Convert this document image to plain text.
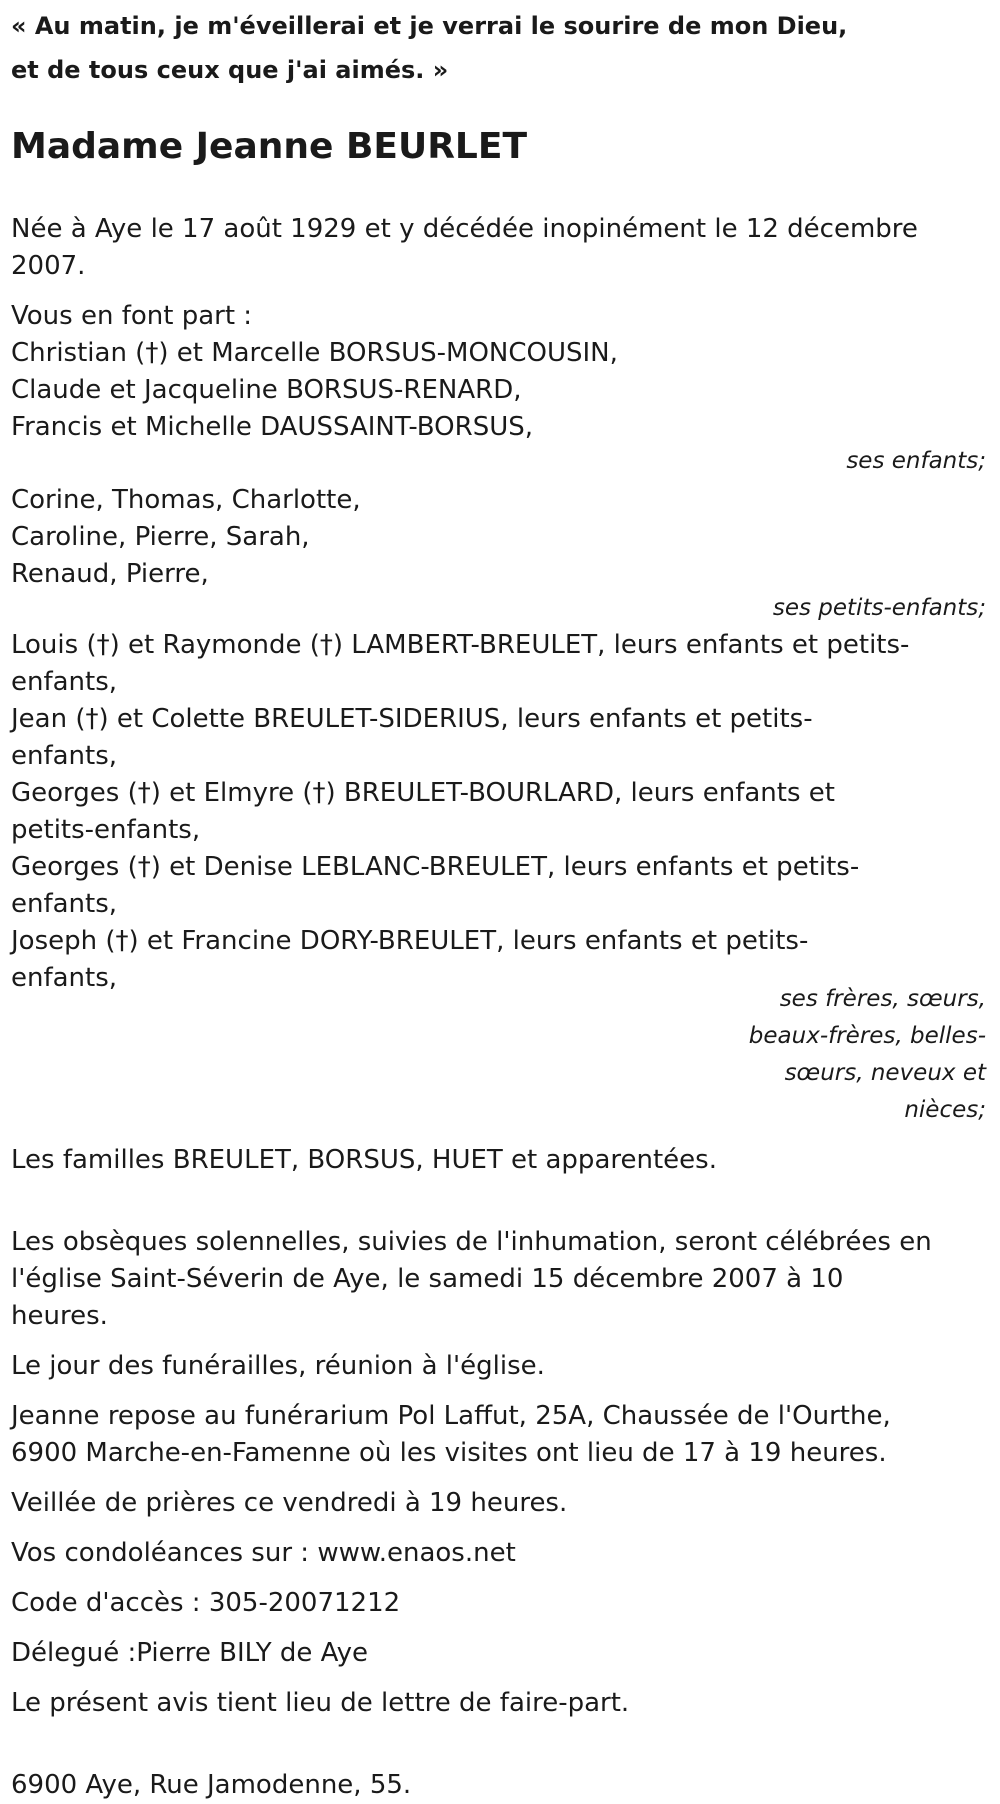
« Au matin, je m'éveillerai et je verrai le sourire de mon Dieu,
et de tous ceux que j'ai aimés. »
Madame Jeanne BEURLET

Née à Aye le 17 août 1929 et y décédée inopinément le 12 décembre 2007.

Vous en font part :

Christian (†) et Marcelle BORSUS-MONCOUSIN,

Claude et Jacqueline BORSUS-RENARD,

Francis et Michelle DAUSSAINT-BORSUS,

ses enfants;

Corine, Thomas, Charlotte,

Caroline, Pierre, Sarah,

Renaud, Pierre,

ses petits-enfants;

Louis (†) et Raymonde (†) LAMBERT-BREULET, leurs enfants et petits-enfants,

Jean (†) et Colette BREULET-SIDERIUS, leurs enfants et petits-enfants,

Georges (†) et Elmyre (†) BREULET-BOURLARD, leurs enfants et petits-enfants,

Georges (†) et Denise LEBLANC-BREULET, leurs enfants et petits-enfants,

Joseph (†) et Francine DORY-BREULET, leurs enfants et petits-enfants,

ses frères, sœurs, beaux-frères, belles-sœurs, neveux et nièces;

Les familles BREULET, BORSUS, HUET et apparentées.

Les obsèques solennelles, suivies de l'inhumation, seront célébrées en l'église Saint-Séverin de Aye, le samedi 15 décembre 2007 à 10 heures.

Le jour des funérailles, réunion à l'église.

Jeanne repose au funérarium Pol Laffut, 25A, Chaussée de l'Ourthe, 6900 Marche-en-Famenne où les visites ont lieu de 17 à 19 heures.

Veillée de prières ce vendredi à 19 heures.

Vos condoléances sur : www.enaos.net

Code d'accès : 305-20071212

Délegué :Pierre BILY de Aye

Le présent avis tient lieu de lettre de faire-part.

6900 Aye, Rue Jamodenne, 55.
